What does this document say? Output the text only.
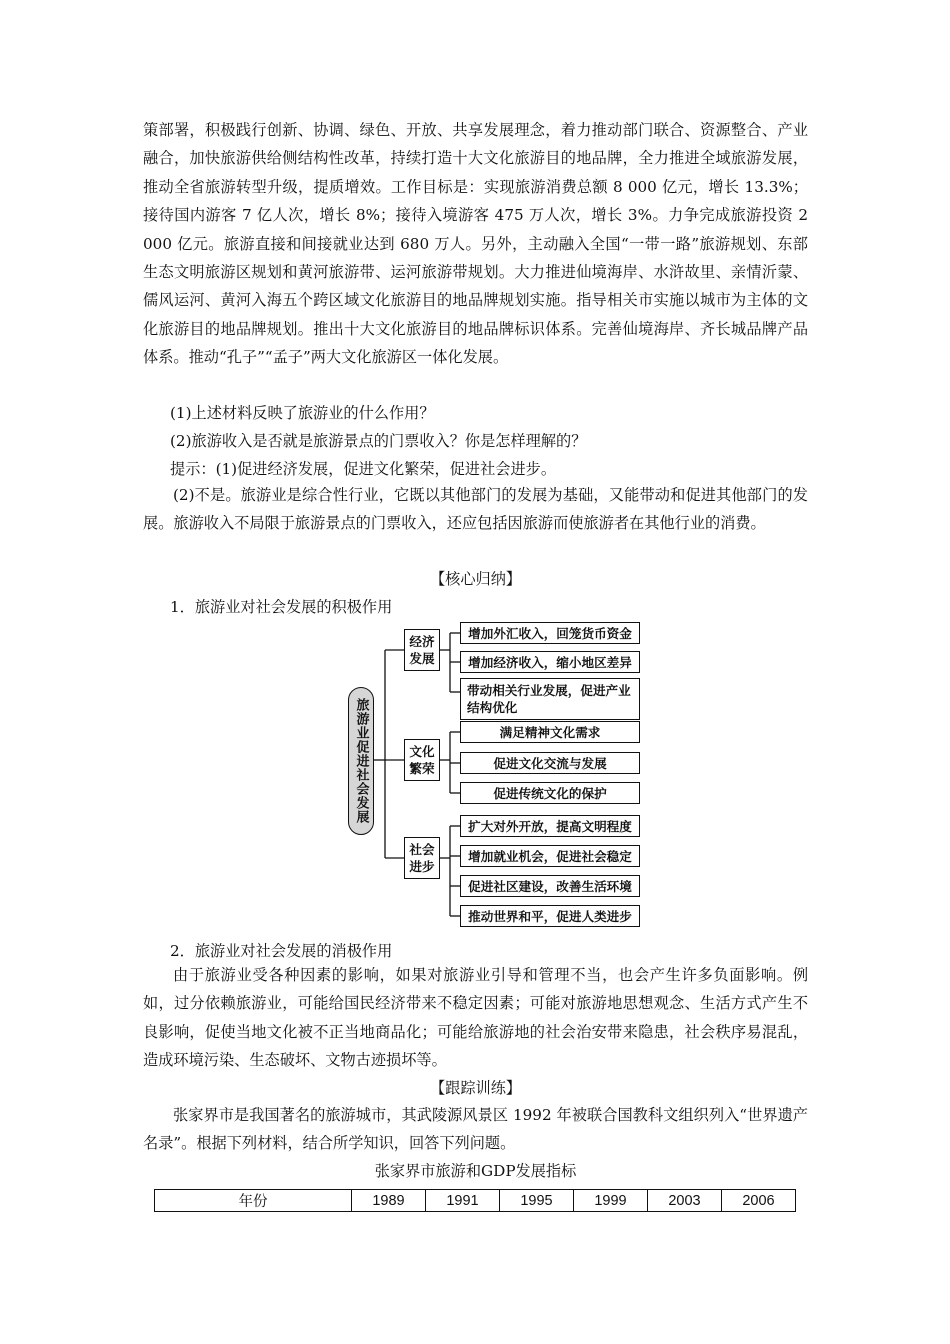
策部署，积极践行创新、协调、绿色、开放、共享发展理念，着力推动部门联合、资源整合、产业融合，加快旅游供给侧结构性改革，持续打造十大文化旅游目的地品牌，全力推进全域旅游发展，推动全省旅游转型升级，提质增效。工作目标是：实现旅游消费总额 8 000 亿元，增长 13.3%；接待国内游客 7 亿人次，增长 8%；接待入境游客 475 万人次，增长 3%。力争完成旅游投资 2 000 亿元。旅游直接和间接就业达到 680 万人。另外，主动融入全国“一带一路”旅游规划、东部生态文明旅游区规划和黄河旅游带、运河旅游带规划。大力推进仙境海岸、水浒故里、亲情沂蒙、儒风运河、黄河入海五个跨区域文化旅游目的地品牌规划实施。指导相关市实施以城市为主体的文化旅游目的地品牌规划。推出十大文化旅游目的地品牌标识体系。完善仙境海岸、齐长城品牌产品体系。推动“孔子”“孟子”两大文化旅游区一体化发展。

(1)上述材料反映了旅游业的什么作用？

(2)旅游收入是否就是旅游景点的门票收入？你是怎样理解的？

提示：(1)促进经济发展，促进文化繁荣，促进社会进步。

(2)不是。旅游业是综合性行业，它既以其他部门的发展为基础，又能带动和促进其他部门的发展。旅游收入不局限于旅游景点的门票收入，还应包括因旅游而使旅游者在其他行业的消费。

【核心归纳】

1．旅游业对社会发展的积极作用

旅游业促进社会发展
经济发展
文化繁荣
社会进步
增加外汇收入，回笼货币资金
增加经济收入，缩小地区差异
带动相关行业发展，促进产业结构优化
满足精神文化需求
促进文化交流与发展
促进传统文化的保护
扩大对外开放，提高文明程度
增加就业机会，促进社会稳定
促进社区建设，改善生活环境
推动世界和平，促进人类进步

2．旅游业对社会发展的消极作用

由于旅游业受各种因素的影响，如果对旅游业引导和管理不当，也会产生许多负面影响。例如，过分依赖旅游业，可能给国民经济带来不稳定因素；可能对旅游地思想观念、生活方式产生不良影响，促使当地文化被不正当地商品化；可能给旅游地的社会治安带来隐患，社会秩序易混乱，造成环境污染、生态破坏、文物古迹损坏等。

【跟踪训练】

张家界市是我国著名的旅游城市，其武陵源风景区 1992 年被联合国教科文组织列入“世界遗产名录”。根据下列材料，结合所学知识，回答下列问题。

张家界市旅游和GDP发展指标

年份	1989	1991	1995	1999	2003	2006
